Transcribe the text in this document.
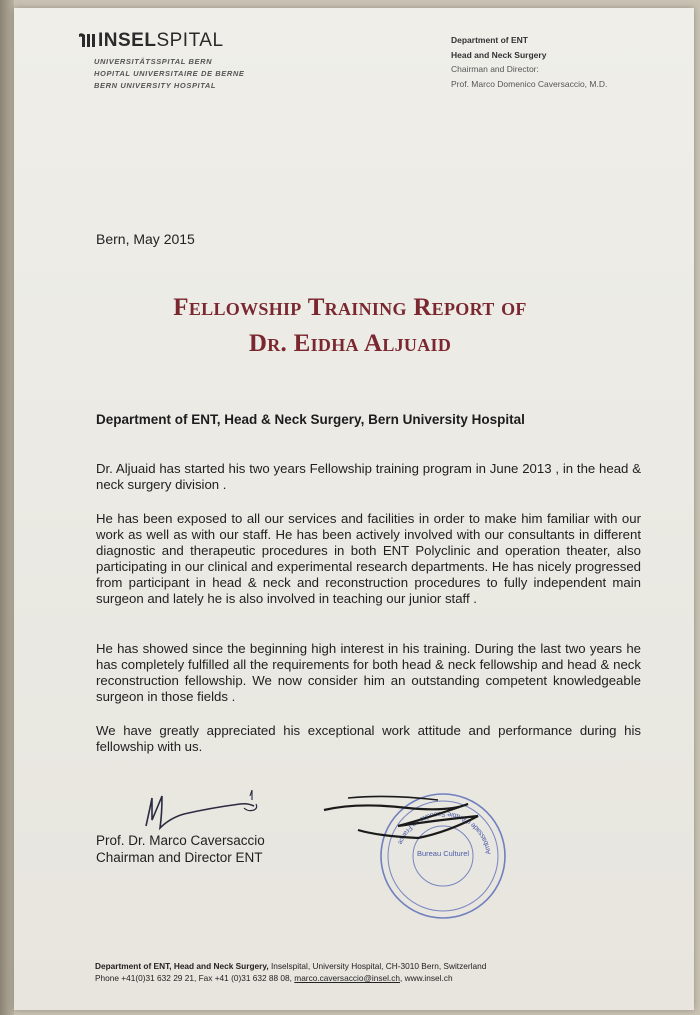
INSELSPITAL
UNIVERSITÄTSSPITAL BERN
HOPITAL UNIVERSITAIRE DE BERNE
BERN UNIVERSITY HOSPITAL
Department of ENT
Head and Neck Surgery
Chairman and Director:
Prof. Marco Domenico Caversaccio, M.D.
Bern, May 2015
Fellowship Training Report of
Dr. Eidha Aljuaid
Department of ENT, Head & Neck Surgery, Bern University Hospital
Dr. Aljuaid has started his two years Fellowship training program in June 2013 , in the head & neck surgery division .
He has been exposed to all our services and facilities in order to make him familiar with our work as well as with our staff. He has been actively involved with our consultants in different diagnostic and therapeutic procedures in both ENT Polyclinic and operation theater, also participating in our clinical and experimental research departments. He has nicely progressed from participant in head & neck and reconstruction procedures to fully independent main surgeon and lately he is also involved in teaching our junior staff .
He has showed since the beginning high interest in his training. During the last two years he has completely fulfilled all the requirements for both head & neck fellowship and head & neck reconstruction fellowship. We now consider him an outstanding competent knowledgeable surgeon in those fields .
We have greatly appreciated his exceptional work attitude and performance during his fellowship with us.
Prof. Dr. Marco Caversaccio
Chairman and Director ENT	Bureau Culturel	Ambassade d'Arabie Saoudite en France
Department of ENT, Head and Neck Surgery, Inselspital, University Hospital, CH-3010 Bern, Switzerland
Phone +41(0)31 632 29 21, Fax +41 (0)31 632 88 08, marco.caversaccio@insel.ch, www.insel.ch
